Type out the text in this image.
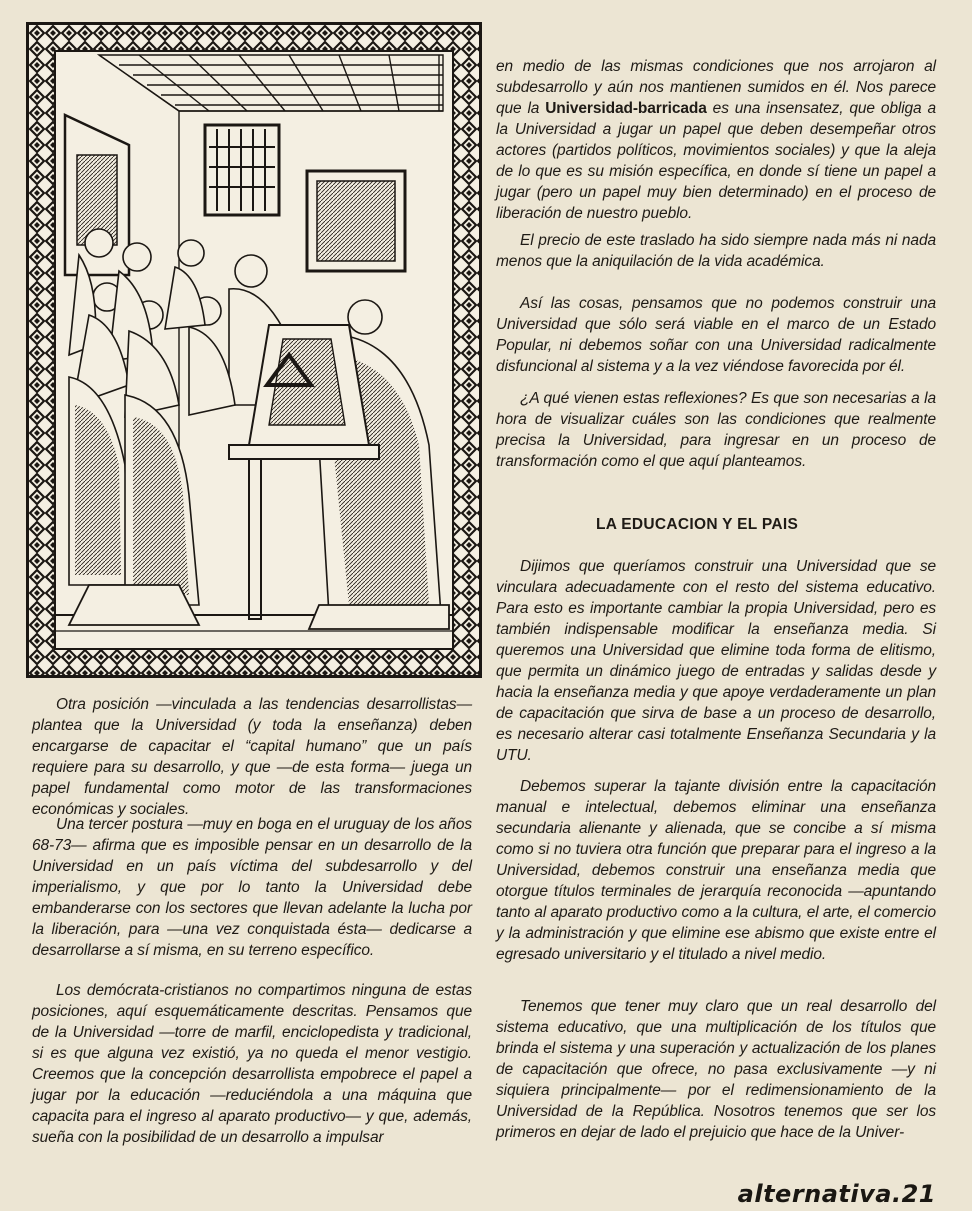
Otra posición —vinculada a las tendencias desarrollistas— plantea que la Universidad (y toda la enseñanza) deben encargarse de capacitar el “capital humano” que un país requiere para su desarrollo, y que —de esta forma— juega un papel fundamental como motor de las transformaciones económicas y sociales.

Una tercer postura —muy en boga en el uruguay de los años 68-73— afirma que es imposible pensar en un desarrollo de la Universidad en un país víctima del subdesarrollo y del imperialismo, y que por lo tanto la Universidad debe embanderarse con los sectores que llevan adelante la lucha por la liberación, para —una vez conquistada ésta— dedicarse a desarrollarse a sí misma, en su terreno específico.

Los demócrata-cristianos no compartimos ninguna de estas posiciones, aquí esquemáticamente descritas. Pensamos que de la Universidad —torre de marfil, enciclopedista y tradicional, si es que alguna vez existió, ya no queda el menor vestigio. Creemos que la concepción desarrollista empobrece el papel a jugar por la educación —reduciéndola a una máquina que capacita para el ingreso al aparato productivo— y que, además, sueña con la posibilidad de un desarrollo a impulsar

en medio de las mismas condiciones que nos arrojaron al subdesarrollo y aún nos mantienen sumidos en él. Nos parece que la Universidad-barricada es una insensatez, que obliga a la Universidad a jugar un papel que deben desempeñar otros actores (partidos políticos, movimientos sociales) y que la aleja de lo que es su misión específica, en donde sí tiene un papel a jugar (pero un papel muy bien determinado) en el proceso de liberación de nuestro pueblo.

El precio de este traslado ha sido siempre nada más ni nada menos que la aniquilación de la vida académica.

Así las cosas, pensamos que no podemos construir una Universidad que sólo será viable en el marco de un Estado Popular, ni debemos soñar con una Universidad radicalmente disfuncional al sistema y a la vez viéndose favorecida por él.

¿A qué vienen estas reflexiones? Es que son necesarias a la hora de visualizar cuáles son las condiciones que realmente precisa la Universidad, para ingresar en un proceso de transformación como el que aquí planteamos.

LA EDUCACION Y EL PAIS

Dijimos que queríamos construir una Universidad que se vinculara adecuadamente con el resto del sistema educativo. Para esto es importante cambiar la propia Universidad, pero es también indispensable modificar la enseñanza media. Si queremos una Universidad que elimine toda forma de elitismo, que permita un dinámico juego de entradas y salidas desde y hacia la enseñanza media y que apoye verdaderamente un plan de capacitación que sirva de base a un proceso de desarrollo, es necesario alterar casi totalmente Enseñanza Secundaria y la UTU.

Debemos superar la tajante división entre la capacitación manual e intelectual, debemos eliminar una enseñanza secundaria alienante y alienada, que se concibe a sí misma como si no tuviera otra función que preparar para el ingreso a la Universidad, debemos construir una enseñanza media que otorgue títulos terminales de jerarquía reconocida —apuntando tanto al aparato productivo como a la cultura, el arte, el comercio y la administración y que elimine ese abismo que existe entre el egresado universitario y el titulado a nivel medio.

Tenemos que tener muy claro que un real desarrollo del sistema educativo, que una multiplicación de los títulos que brinda el sistema y una superación y actualización de los planes de capacitación que ofrece, no pasa exclusivamente —y ni siquiera principalmente— por el redimensionamiento de la Universidad de la República. Nosotros tenemos que ser los primeros en dejar de lado el prejuicio que hace de la Univer-

alternativa.21
